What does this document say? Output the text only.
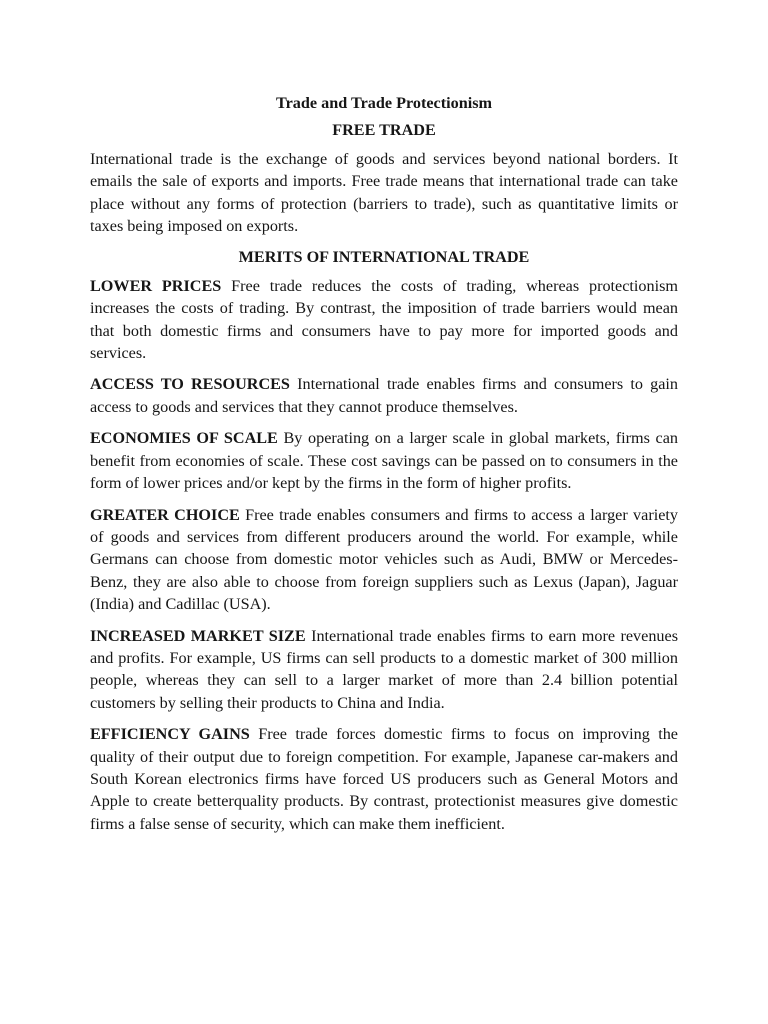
Trade and Trade Protectionism
FREE TRADE

International trade is the exchange of goods and services beyond national borders. It emails the sale of exports and imports. Free trade means that international trade can take place without any forms of protection (barriers to trade), such as quantitative limits or taxes being imposed on exports.

MERITS OF INTERNATIONAL TRADE

LOWER PRICES Free trade reduces the costs of trading, whereas protectionism increases the costs of trading. By contrast, the imposition of trade barriers would mean that both domestic firms and consumers have to pay more for imported goods and services.

ACCESS TO RESOURCES International trade enables firms and consumers to gain access to goods and services that they cannot produce themselves.

ECONOMIES OF SCALE By operating on a larger scale in global markets, firms can benefit from economies of scale. These cost savings can be passed on to consumers in the form of lower prices and/or kept by the firms in the form of higher profits.

GREATER CHOICE Free trade enables consumers and firms to access a larger variety of goods and services from different producers around the world. For example, while Germans can choose from domestic motor vehicles such as Audi, BMW or Mercedes-Benz, they are also able to choose from foreign suppliers such as Lexus (Japan), Jaguar (India) and Cadillac (USA).

INCREASED MARKET SIZE International trade enables firms to earn more revenues and profits. For example, US firms can sell products to a domestic market of 300 million people, whereas they can sell to a larger market of more than 2.4 billion potential customers by selling their products to China and India.

EFFICIENCY GAINS Free trade forces domestic firms to focus on improving the quality of their output due to foreign competition. For example, Japanese car-makers and South Korean electronics firms have forced US producers such as General Motors and Apple to create betterquality products. By contrast, protectionist measures give domestic firms a false sense of security, which can make them inefficient.
